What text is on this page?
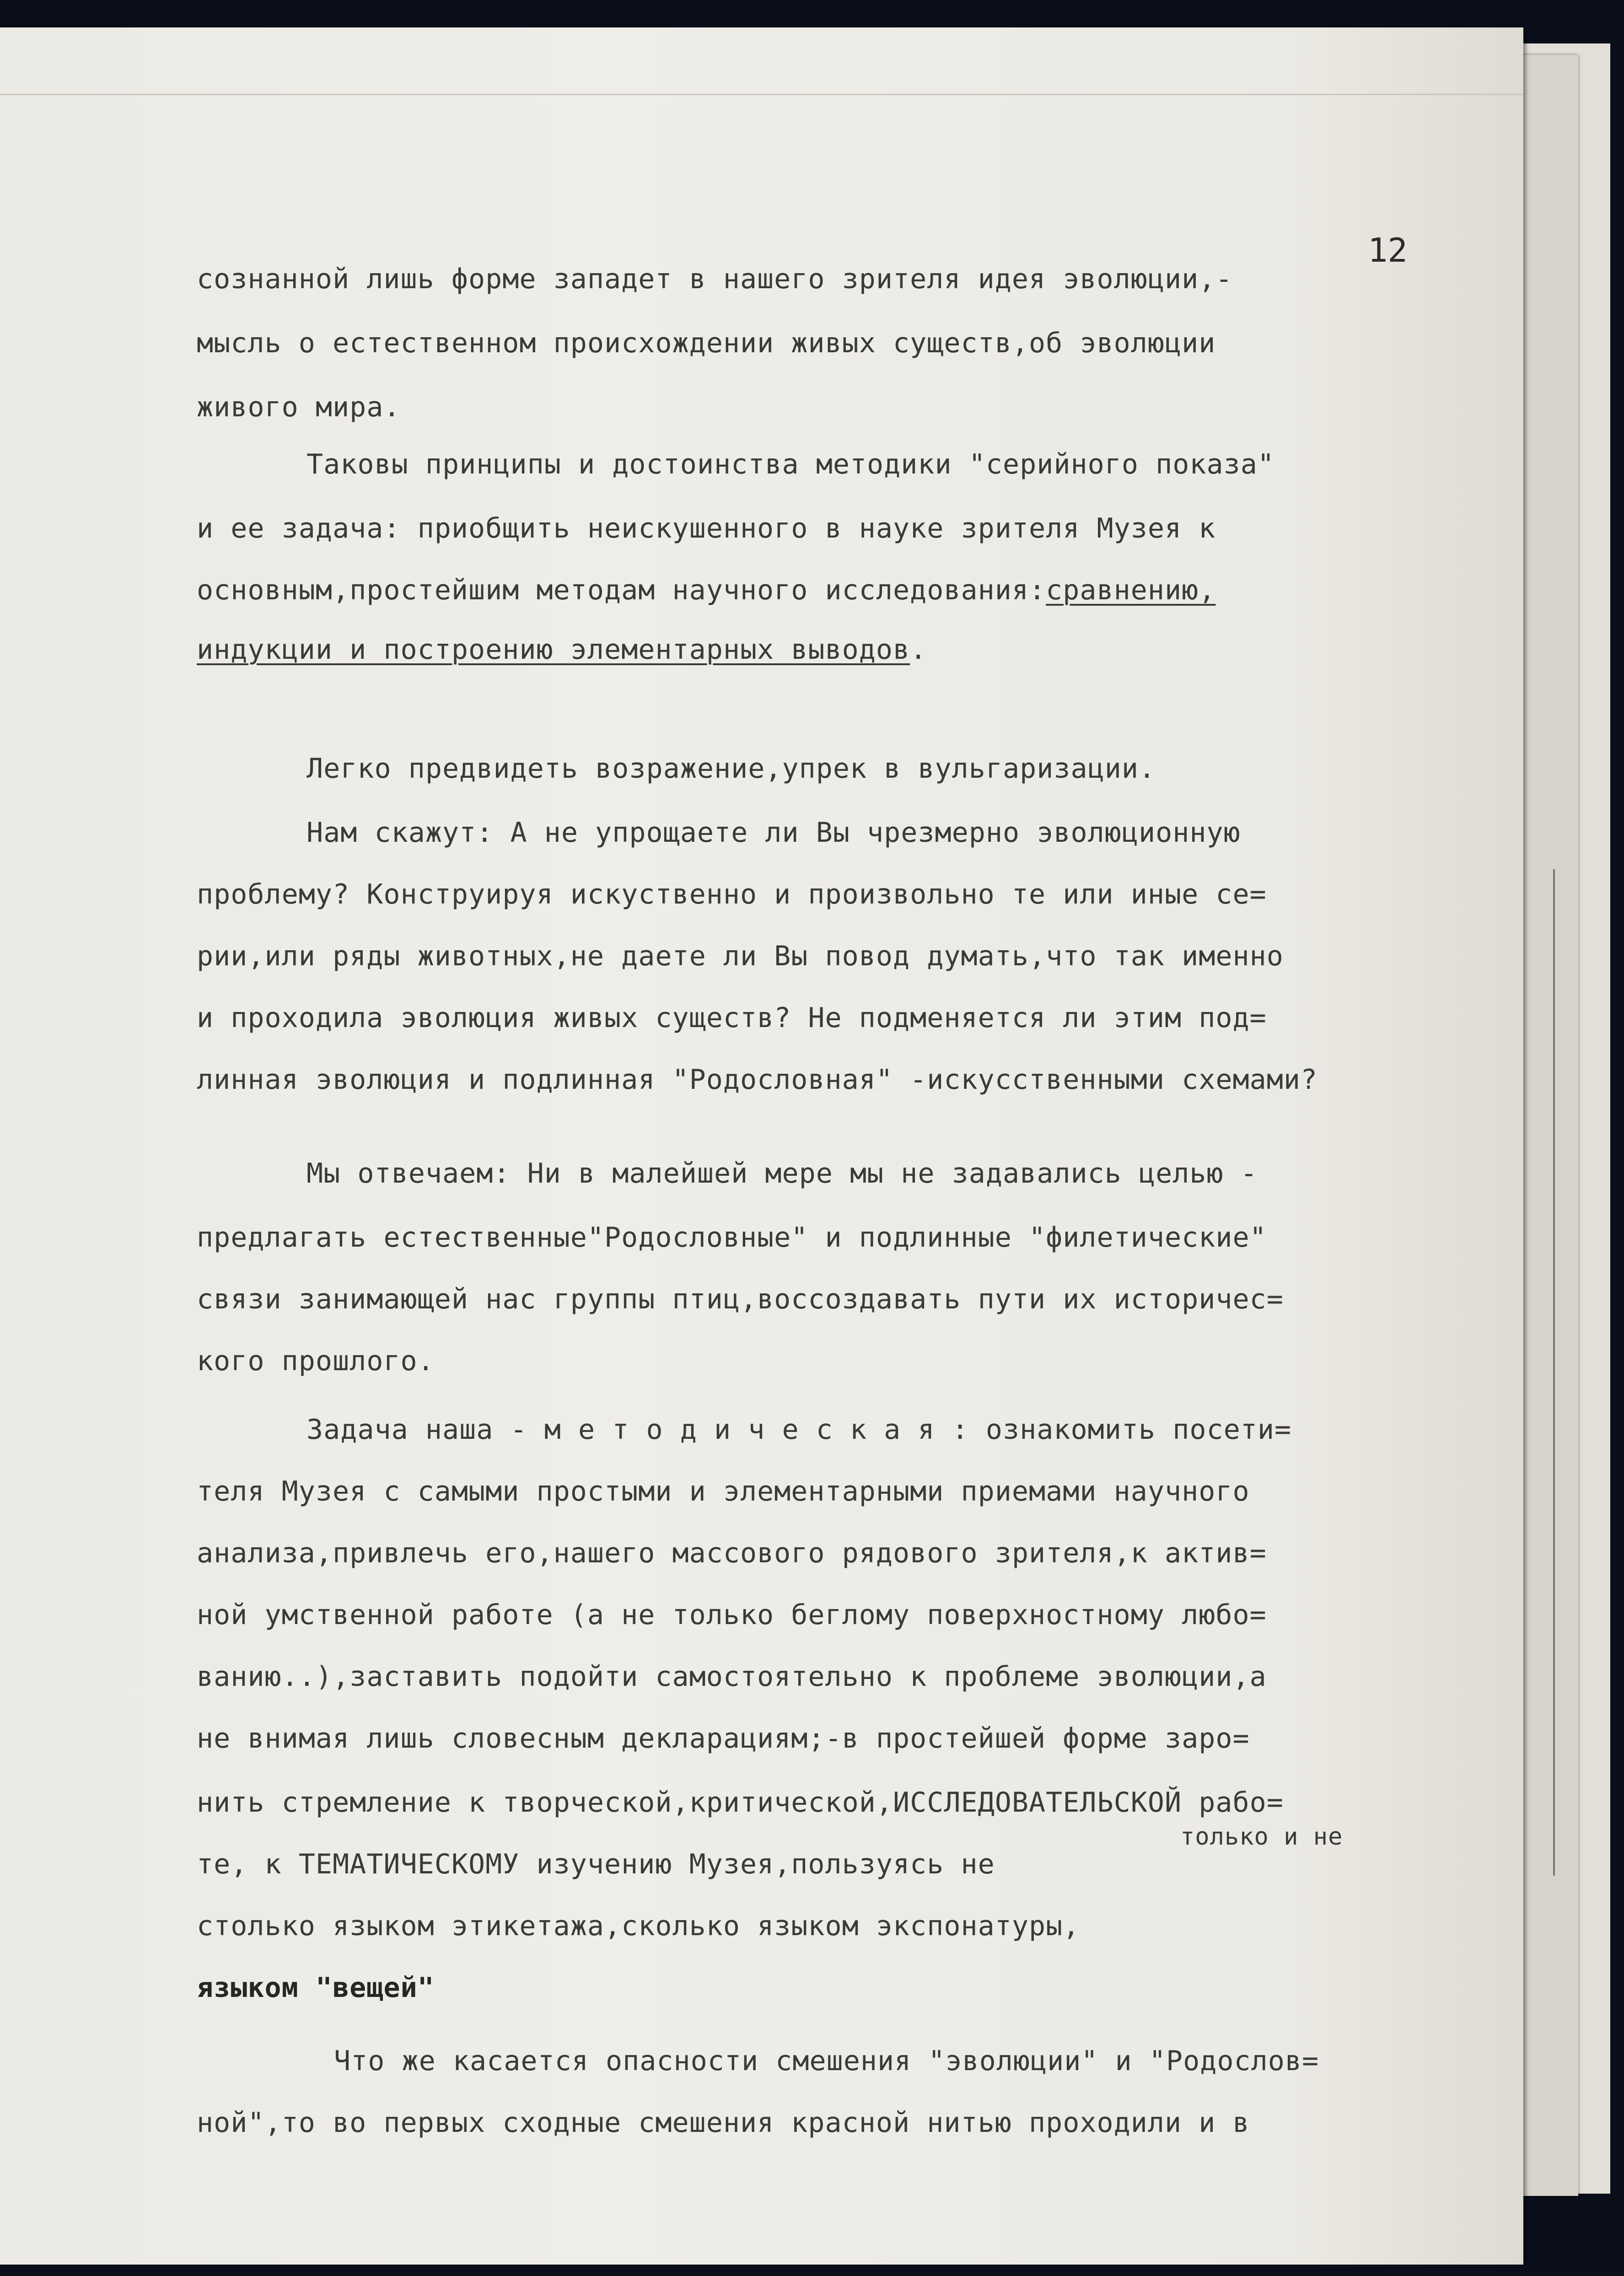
12
сознанной лишь форме западет в нашего зрителя идея эволюции,-
мысль о естественном происхождении живых существ,об эволюции
живого мира.
Таковы принципы и достоинства методики "серийного показа"
и ее задача: приобщить неискушенного в науке зрителя Музея к
основным,простейшим методам научного исследования:сравнению,
индукции и построению элементарных выводов.
Легко предвидеть возражение,упрек в вульгаризации.
Нам скажут: А не упрощаете ли Вы чрезмерно эволюционную
проблему? Конструируя искуственно и произвольно те или иные се=
рии,или ряды животных,не даете ли Вы повод думать,что так именно
и проходила эволюция живых существ? Не подменяется ли этим под=
линная эволюция и подлинная "Родословная" -искусственными схемами?
Мы отвечаем: Ни в малейшей мере мы не задавались целью -
предлагать естественные"Родословные" и подлинные "филетические"
связи занимающей нас группы птиц,воссоздавать пути их историчес=
кого прошлого.
Задача наша - м е т о д и ч е с к а я : ознакомить посети=
теля Музея с самыми простыми и элементарными приемами научного
анализа,привлечь его,нашего массового рядового зрителя,к актив=
ной умственной работе (а не только беглому поверхностному любо=
ванию..),заставить подойти самостоятельно к проблеме эволюции,а
не внимая лишь словесным декларациям;-в простейшей форме заро=
нить стремление к творческой,критической,ИССЛЕДОВАТЕЛЬСКОЙ рабо=
только и не
те, к ТЕМАТИЧЕСКОМУ изучению Музея,пользуясь не
столько языком этикетажа,сколько языком экспонатуры,
языком "вещей"
Что же касается опасности смешения "эволюции" и "Родослов=
ной",то во первых сходные смешения красной нитью проходили и в
